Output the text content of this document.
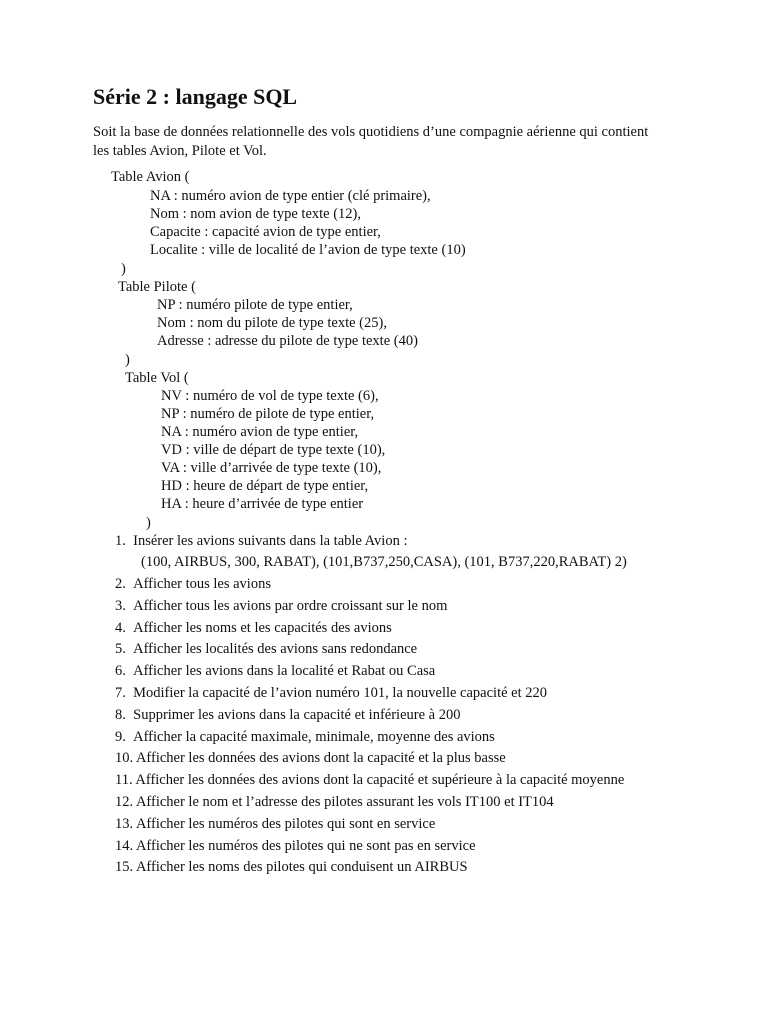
Série 2 : langage SQL
Soit la base de données relationnelle des vols quotidiens d’une compagnie aérienne qui contient les tables Avion, Pilote et Vol.
Table Avion (
NA : numéro avion de type entier (clé primaire),
Nom : nom avion de type texte (12),
Capacite : capacité avion de type entier,
Localite : ville de localité de l’avion de type texte (10)
)
Table Pilote (
NP : numéro pilote de type entier,
Nom : nom du pilote de type texte (25),
Adresse : adresse du pilote de type texte (40)
)
Table Vol (
NV : numéro de vol de type texte (6),
NP : numéro de pilote de type entier,
NA : numéro avion de type entier,
VD : ville de départ de type texte (10),
VA : ville d’arrivée de type texte (10),
HD : heure de départ de type entier,
HA : heure d’arrivée de type entier
)
1.  Insérer les avions suivants dans la table Avion :
(100, AIRBUS, 300, RABAT), (101,B737,250,CASA), (101, B737,220,RABAT) 2)
2.  Afficher tous les avions
3.  Afficher tous les avions par ordre croissant sur le nom
4.  Afficher les noms et les capacités des avions
5.  Afficher les localités des avions sans redondance
6.  Afficher les avions dans la localité et Rabat ou Casa
7.  Modifier la capacité de l’avion numéro 101, la nouvelle capacité et 220
8.  Supprimer les avions dans la capacité et inférieure à 200
9.  Afficher la capacité maximale, minimale, moyenne des avions
10. Afficher les données des avions dont la capacité et la plus basse
11. Afficher les données des avions dont la capacité et supérieure à la capacité moyenne
12. Afficher le nom et l’adresse des pilotes assurant les vols IT100 et IT104
13. Afficher les numéros des pilotes qui sont en service
14. Afficher les numéros des pilotes qui ne sont pas en service
15. Afficher les noms des pilotes qui conduisent un AIRBUS
